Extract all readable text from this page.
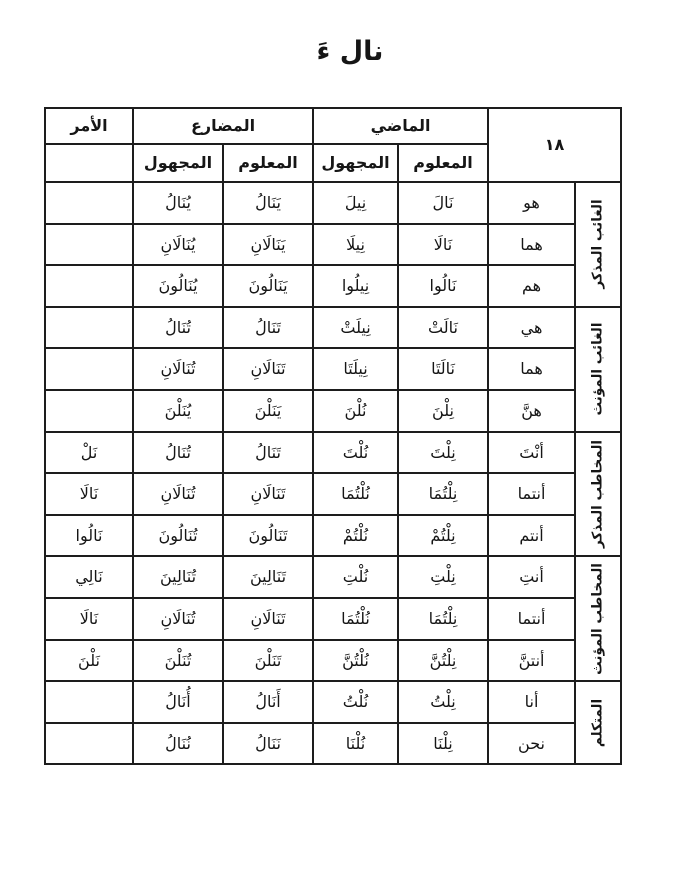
نال ءَ
١٨		الماضي		المضارع		الأمر
		المعلوم	المجهول	المعلوم	المجهول	

الغائب المذكر	هو	نَالَ	نِيلَ	يَنَالُ	يُنَالُ	
	هما	نَالَا	نِيلَا	يَنَالَانِ	يُنَالَانِ	
	هم	نَالُوا	نِيلُوا	يَنَالُونَ	يُنَالُونَ	

الغائب المؤنث	هي	نَالَتْ	نِيلَتْ	تَنَالُ	تُنَالُ	
	هما	نَالَتَا	نِيلَتَا	تَنَالَانِ	تُنَالَانِ	
	هنَّ	نِلْنَ	نُلْنَ	يَنَلْنَ	يُنَلْنَ	

المخاطب المذكر	أنْتَ	نِلْتَ	نُلْتَ	تَنَالُ	تُنَالُ	نَلْ
	أنتما	نِلْتُمَا	نُلْتُمَا	تَنَالَانِ	تُنَالَانِ	نَالَا
	أنتم	نِلْتُمْ	نُلْتُمْ	تَنَالُونَ	تُنَالُونَ	نَالُوا

المخاطب المؤنث	أنتِ	نِلْتِ	نُلْتِ	تَنَالِينَ	تُنَالِينَ	نَالِي
	أنتما	نِلْتُمَا	نُلْتُمَا	تَنَالَانِ	تُنَالَانِ	نَالَا
	أنتنَّ	نِلْتُنَّ	نُلْتُنَّ	تَنَلْنَ	تُنَلْنَ	نَلْنَ

المتكلم	أنا	نِلْتُ	نُلْتُ	أَنَالُ	أُنَالُ	
	نحن	نِلْنَا	نُلْنَا	نَنَالُ	نُنَالُ	
